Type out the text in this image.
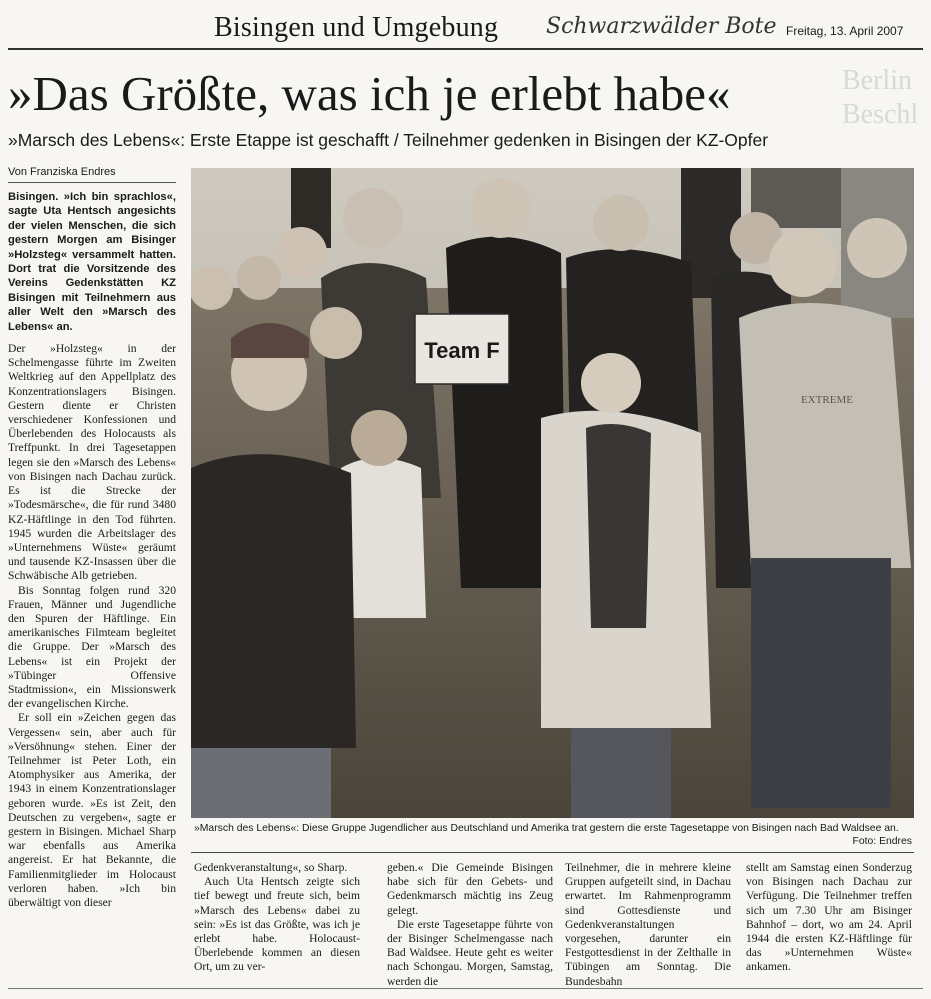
Bisingen und Umgebung Schwarzwälder Bote Freitag, 13. April 2007
Berlin
Beschl
»Das Größte, was ich je erlebt habe«
»Marsch des Lebens«: Erste Etappe ist geschafft / Teilnehmer gedenken in Bisingen der KZ-Opfer
Von Franziska Endres

Bisingen. »Ich bin sprachlos«, sagte Uta Hentsch angesichts der vielen Menschen, die sich gestern Morgen am Bisinger »Holzsteg« versammelt hatten. Dort trat die Vorsitzende des Vereins Gedenkstätten KZ Bisingen mit Teilnehmern aus aller Welt den »Marsch des Lebens« an.

Der »Holzsteg« in der Schelmengasse führte im Zweiten Weltkrieg auf den Appellplatz des Konzentrationslagers Bisingen. Gestern diente er Christen verschiedener Konfessionen und Überlebenden des Holocausts als Treffpunkt. In drei Tagesetappen legen sie den »Marsch des Lebens« von Bisingen nach Dachau zurück. Es ist die Strecke der »Todesmärsche«, die für rund 3480 KZ-Häftlinge in den Tod führten. 1945 wurden die Arbeitslager des »Unternehmens Wüste« geräumt und tausende KZ-Insassen über die Schwäbische Alb getrieben.

Bis Sonntag folgen rund 320 Frauen, Männer und Jugendliche den Spuren der Häftlinge. Ein amerikanisches Filmteam begleitet die Gruppe. Der »Marsch des Lebens« ist ein Projekt der »Tübinger Offensive Stadtmission«, ein Missionswerk der evangelischen Kirche.

Er soll ein »Zeichen gegen das Vergessen« sein, aber auch für »Versöhnung« stehen. Einer der Teilnehmer ist Peter Loth, ein Atomphysiker aus Amerika, der 1943 in einem Konzentrationslager geboren wurde. »Es ist Zeit, den Deutschen zu vergeben«, sagte er gestern in Bisingen. Michael Sharp war ebenfalls aus Amerika angereist. Er hat Bekannte, die Familienmitglieder im Holocaust verloren haben. »Ich bin überwältigt von dieser

Team F
EXTREME
»Marsch des Lebens«: Diese Gruppe Jugendlicher aus Deutschland und Amerika trat gestern die erste Tagesetappe von Bisingen nach Bad Waldsee an.
Foto: Endres

Gedenkveranstaltung«, so Sharp.

Auch Uta Hentsch zeigte sich tief bewegt und freute sich, beim »Marsch des Lebens« dabei zu sein: »Es ist das Größte, was ich je erlebt habe. Holocaust-Überlebende kommen an diesen Ort, um zu ver-

geben.« Die Gemeinde Bisingen habe sich für den Gebets- und Gedenkmarsch mächtig ins Zeug gelegt.

Die erste Tagesetappe führte von der Bisinger Schelmengasse nach Bad Waldsee. Heute geht es weiter nach Schongau. Morgen, Samstag, werden die

Teilnehmer, die in mehrere kleine Gruppen aufgeteilt sind, in Dachau erwartet. Im Rahmenprogramm sind Gottesdienste und Gedenkveranstaltungen vorgesehen, darunter ein Festgottesdienst in der Zelthalle in Tübingen am Sonntag. Die Bundesbahn

stellt am Samstag einen Sonderzug von Bisingen nach Dachau zur Verfügung. Die Teilnehmer treffen sich um 7.30 Uhr am Bisinger Bahnhof – dort, wo am 24. April 1944 die ersten KZ-Häftlinge für das »Unternehmen Wüste« ankamen.
